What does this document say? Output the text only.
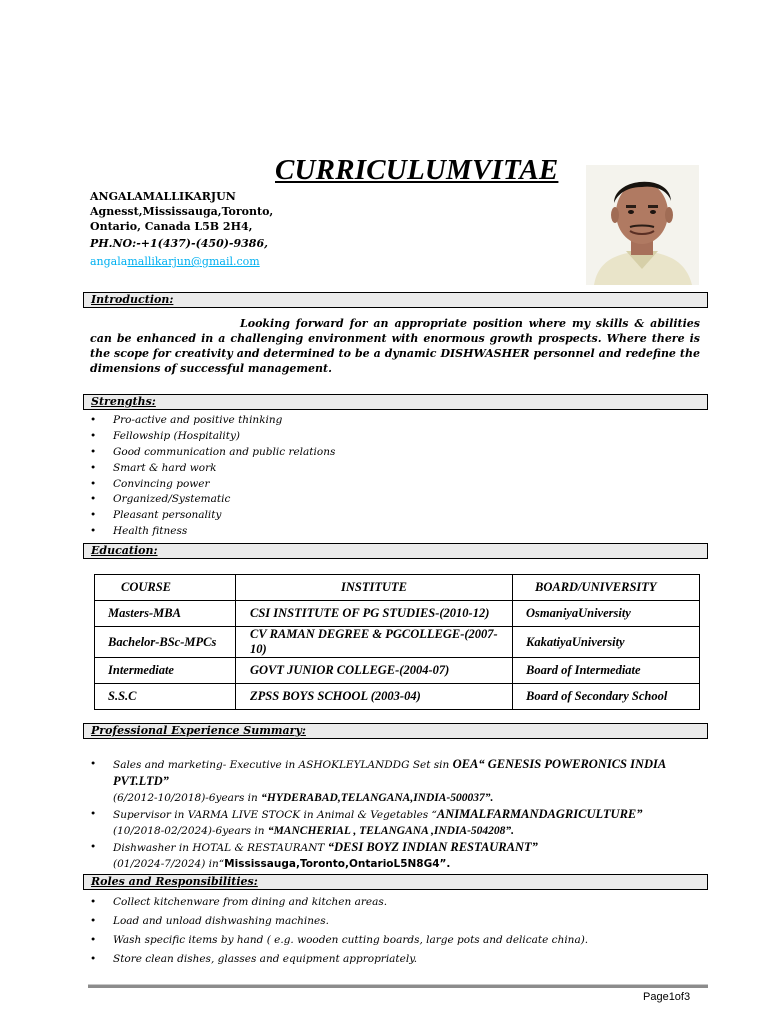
CURRICULUMVITAE
ANGALAMALLIKARJUN
Agnesst,Mississauga,Toronto,
Ontario, Canada L5B 2H4,
PH.NO:-+1(437)-(450)-9386,
angalamallikarjun@gmail.com
Introduction:
Looking forward for an appropriate position where my skills & abilities can be enhanced in a challenging environment with enormous growth prospects. Where there is the scope for creativity and determined to be a dynamic DISHWASHER personnel and redefine the dimensions of successful management.
Strengths:
• Pro-active and positive thinking
• Fellowship (Hospitality)
• Good communication and public relations
• Smart & hard work
• Convincing power
• Organized/Systematic
• Pleasant personality
• Health fitness
Education:
COURSE	INSTITUTE	BOARD/UNIVERSITY
Masters-MBA	CSI INSTITUTE OF PG STUDIES-(2010-12)	OsmaniyaUniversity
Bachelor-BSc-MPCs	CV RAMAN DEGREE & PGCOLLEGE-(2007-10)	KakatiyaUniversity
Intermediate	GOVT JUNIOR COLLEGE-(2004-07)	Board of Intermediate
S.S.C	ZPSS BOYS SCHOOL (2003-04)	Board of Secondary School
Professional Experience Summary:
• Sales and marketing- Executive in ASHOKLEYLANDDG Set sin OEA“ GENESIS POWERONICS INDIA PVT.LTD”
(6/2012-10/2018)-6years in “HYDERABAD,TELANGANA,INDIA-500037”.
• Supervisor in VARMA LIVE STOCK in Animal & Vegetables “ANIMALFARMANDAGRICULTURE”
(10/2018-02/2024)-6years in “MANCHERIAL , TELANGANA ,INDIA-504208”.
• Dishwasher in HOTAL & RESTAURANT “DESI BOYZ INDIAN RESTAURANT”
(01/2024-7/2024) in“Mississauga,Toronto,OntarioL5N8G4”.
Roles and Responsibilities:
• Collect kitchenware from dining and kitchen areas.
• Load and unload dishwashing machines.
• Wash specific items by hand ( e.g. wooden cutting boards, large pots and delicate china).
• Store clean dishes, glasses and equipment appropriately.
Page1of3
